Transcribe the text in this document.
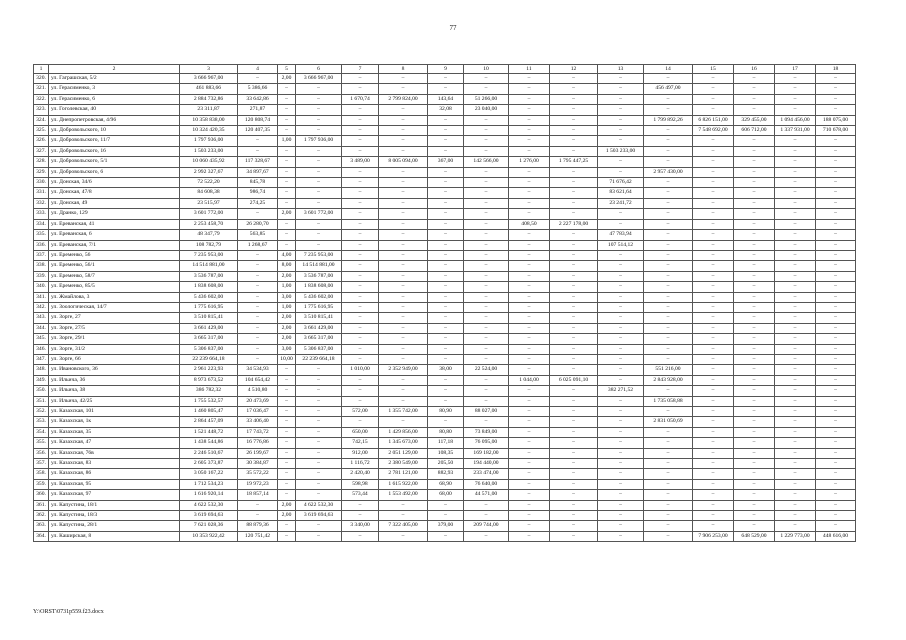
77
1	2	3	4	5	6	7	8	9	10	11	12	13	14	15	16	17	18
320.	ул. Гаграшская, 5/2	3 666 967,00	–	2,00	3 666 967,00	–	–	–	–	–	–	–	–	–	–	–	–
321.	ул. Герасименко, 3	461 883,66	5 386,66	–	–	–	–	–	–	–	–	–	456 497,00	–	–	–	–
322.	ул. Герасименко, 6	2 884 732,86	33 642,86	–	–	1 670,74	2 799 824,00	143,64	51 266,00	–	–	–	–	–	–	–	–
323.	ул. Гоголевская, 40	23 311,87	271,87	–	–	–	–	32,08	23 040,00	–	–	–	–	–	–	–	–
324.	ул. Днепропетровская, 4/96	10 358 838,00	120 808,74	–	–	–	–	–	–	–	–	–	1 799 892,26	6 826 151,00	329 455,00	1 094 456,00	188 075,00
325.	ул. Добровольского, 10	10 324 420,35	120 407,35	–	–	–	–	–	–	–	–	–	–	7 548 692,00	606 712,00	1 337 931,00	710 678,00
326.	ул. Добровольского, 11/7	1 797 936,00	–	1,00	1 797 936,00	–	–	–	–	–	–	–	–	–	–	–	–
327.	ул. Добровольского, 16	1 503 233,00	–	–	–	–	–	–	–	–	–	1 503 233,00	–	–	–	–	–
328.	ул. Добровольского, 5/1	10 060 435,92	117 328,67	–	–	3 489,00	8 005 094,00	367,00	142 566,00	1 276,00	1 795 447,25	–	–	–	–	–	–
329.	ул. Добровольского, 6	2 992 327,67	34 897,67	–	–	–	–	–	–	–	–	–	2 957 430,00	–	–	–	–
330.	ул. Донская, 34/6	72 522,20	845,78	–	–	–	–	–	–	–	–	71 676,42	–	–	–	–	–
331.	ул. Донская, 47/8	84 608,38	986,74	–	–	–	–	–	–	–	–	83 621,64	–	–	–	–	–
332.	ул. Донская, 49	23 515,97	274,25	–	–	–	–	–	–	–	–	23 241,72	–	–	–	–	–
333.	ул. Дранко, 129	3 601 772,00	–	2,00	3 601 772,00	–	–	–	–	–	–	–	–	–	–	–	–
334.	ул. Ереванская, 41	2 253 458,70	26 280,70	–	–	–	–	–	–	408,50	2 227 178,00	–	–	–	–	–	–
335.	ул. Ереванская, 6	48 347,79	563,85	–	–	–	–	–	–	–	–	47 783,94	–	–	–	–	–
336.	ул. Ереванская, 7/1	108 782,79	1 268,67	–	–	–	–	–	–	–	–	107 514,12	–	–	–	–	–
337.	ул. Еременко, 56	7 235 953,00	–	4,00	7 235 953,00	–	–	–	–	–	–	–	–	–	–	–	–
338.	ул. Еременко, 56/1	14 514 881,00	–	8,00	14 514 881,00	–	–	–	–	–	–	–	–	–	–	–	–
339.	ул. Еременко, 58/7	3 536 787,00	–	2,00	3 536 787,00	–	–	–	–	–	–	–	–	–	–	–	–
340.	ул. Еременко, 85/5	1 838 608,00	–	1,00	1 838 608,00	–	–	–	–	–	–	–	–	–	–	–	–
341.	ул. Жмайлова, 3	5 436 602,00	–	3,00	5 436 602,00	–	–	–	–	–	–	–	–	–	–	–	–
342.	ул. Зоологическая, 14/7	1 775 616,95	–	1,00	1 775 616,95	–	–	–	–	–	–	–	–	–	–	–	–
343.	ул. Зорге, 27	3 510 815,41	–	2,00	3 510 815,41	–	–	–	–	–	–	–	–	–	–	–	–
344.	ул. Зорге, 27/5	3 661 429,00	–	2,00	3 661 429,00	–	–	–	–	–	–	–	–	–	–	–	–
345.	ул. Зорге, 29/1	3 665 317,00	–	2,00	3 665 317,00	–	–	–	–	–	–	–	–	–	–	–	–
346.	ул. Зорге, 31/2	5 306 837,00	–	3,00	5 306 837,00	–	–	–	–	–	–	–	–	–	–	–	–
347.	ул. Зорге, 66	22 239 664,18	–	10,00	22 239 664,18	–	–	–	–	–	–	–	–	–	–	–	–
348.	ул. Ивановского, 36	2 961 223,93	34 534,93	–	–	1 010,00	2 352 949,00	38,00	22 524,00	–	–	–	551 216,00	–	–	–	–
349.	ул. Ильича, 36	8 973 673,52	104 654,42	–	–	–	–	–	–	1 044,00	6 025 091,10	–	2 843 928,00	–	–	–	–
350.	ул. Ильича, 38	386 782,32	4 510,80	–	–	–	–	–	–	–	–	382 271,52	–	–	–	–	–
351.	ул. Ильича, 42/25	1 755 532,57	20 473,69	–	–	–	–	–	–	–	–	–	1 735 058,88	–	–	–	–
352.	ул. Казахская, 101	1 460 805,47	17 036,47	–	–	572,00	1 355 742,00	80,90	88 027,00	–	–	–	–	–	–	–	–
353.	ул. Казахская, 1к	2 864 457,09	33 406,40	–	–	–	–	–	–	–	–	–	2 831 050,69	–	–	–	–
354.	ул. Казахская, 35	1 521 448,72	17 743,72	–	–	650,00	1 429 856,00	80,80	73 849,00	–	–	–	–	–	–	–	–
355.	ул. Казахская, 47	1 438 544,86	16 776,86	–	–	742,15	1 345 673,00	117,18	76 095,00	–	–	–	–	–	–	–	–
356.	ул. Казахская, 76в	2 246 510,67	26 199,67	–	–	912,00	2 051 129,00	108,35	169 182,00	–	–	–	–	–	–	–	–
357.	ул. Казахская, 83	2 605 373,87	30 384,87	–	–	1 116,72	2 380 549,00	205,50	194 440,00	–	–	–	–	–	–	–	–
358.	ул. Казахская, 86	3 050 167,22	35 572,22	–	–	2 420,40	2 781 121,00	882,93	233 474,00	–	–	–	–	–	–	–	–
359.	ул. Казахская, 95	1 712 534,23	19 972,23	–	–	598,98	1 615 922,00	68,90	76 640,00	–	–	–	–	–	–	–	–
360.	ул. Казахская, 97	1 616 920,14	18 857,14	–	–	573,44	1 553 492,00	68,00	44 571,00	–	–	–	–	–	–	–	–
361.	ул. Капустина, 18/1	4 622 532,30	–	2,00	4 622 532,30	–	–	–	–	–	–	–	–	–	–	–	–
362.	ул. Капустина, 18/3	3 619 694,63	–	2,00	3 619 694,63	–	–	–	–	–	–	–	–	–	–	–	–
363.	ул. Капустина, 28/1	7 621 028,36	88 879,36	–	–	3 340,00	7 322 405,00	379,00	209 744,00	–	–	–	–	–	–	–	–
364.	ул. Каширская, 8	10 353 922,42	120 751,42	–	–	–	–	–	–	–	–	–	–	7 906 253,00	648 529,00	1 229 773,00	448 616,00
Y:\ORST\0731p559.f23.docx
